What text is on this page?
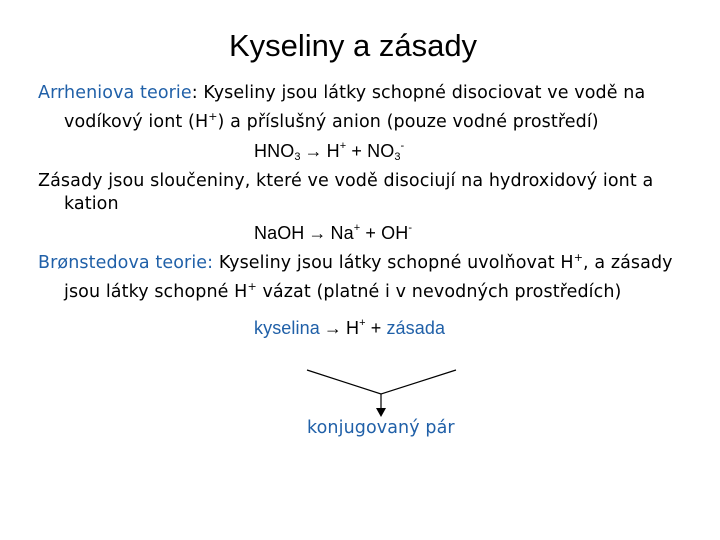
Kyseliny a zásady

Arrheniova teorie: Kyseliny jsou látky schopné disociovat ve vodě na vodíkový iont (H+) a příslušný anion (pouze vodné prostředí)

$HNO_3 \to H^+ + NO_3^-$

Zásady jsou sloučeniny, které ve vodě disociují na hydroxidový iont a kation

NaOH → Na+ + OH-

Brønstedova teorie: Kyseliny jsou látky schopné uvolňovat H+, a zásady jsou látky schopné H+ vázat (platné i v nevodných prostředích)

kyselina → H+ + zásada
konjugovaný pár
